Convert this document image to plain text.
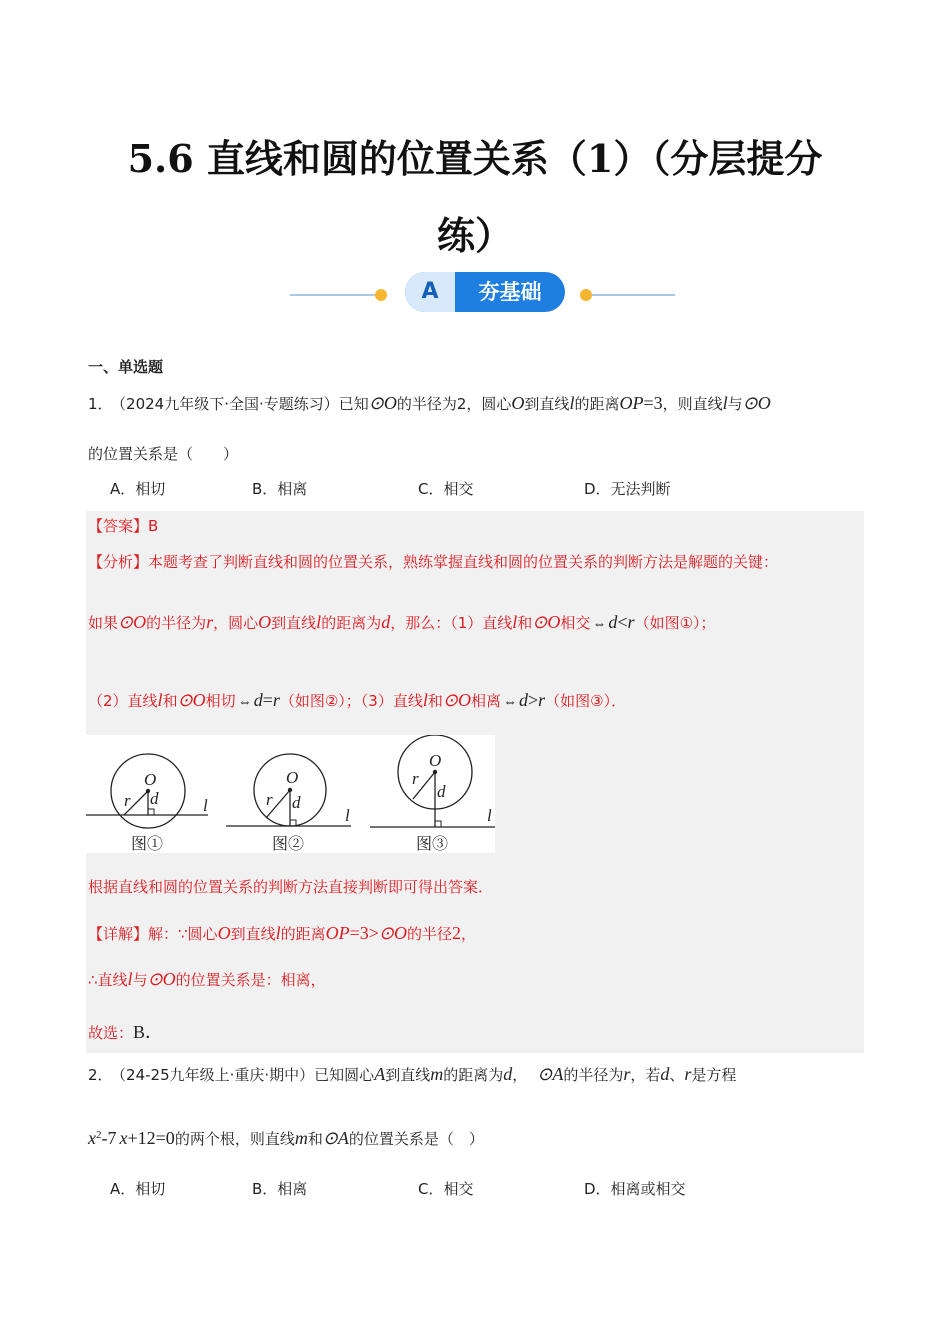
5.6 直线和圆的位置关系（1）（分层提分
练）
A	夯基础
一、单选题
1． （2024九年级下·全国·专题练习）已知⊙O的半径为2，圆心O到直线l的距离OP=3，则直线l与⊙O
的位置关系是（　　）
A．相切	B．相离	C．相交	D．无法判断
【答案】B
【分析】本题考查了判断直线和圆的位置关系，熟练掌握直线和圆的位置关系的判断方法是解题的关键：
如果⊙O的半径为r，圆心O到直线l的距离为d，那么：（1）直线l和⊙O相交 ⇔ d<r（如图①）；
（2）直线l和⊙O相切 ⇔ d=r（如图②）；（3）直线l和⊙O相离 ⇔ d>r（如图③）．
O
r d	l
图①
O
r d
l
图②
O
r
d
l
图③
根据直线和圆的位置关系的判断方法直接判断即可得出答案．
【详解】解：∵圆心O到直线l的距离OP=3>⊙O的半径2，
∴直线l与⊙O的位置关系是：相离，
故选：B．
2． （24-25九年级上·重庆·期中）已知圆心A到直线m的距离为d， ⊙A的半径为r，若d、r是方程
$x^2-7$ x+12=0的两个根，则直线m和⊙A的位置关系是（　）
A．相切	B．相离	C．相交	D．相离或相交
